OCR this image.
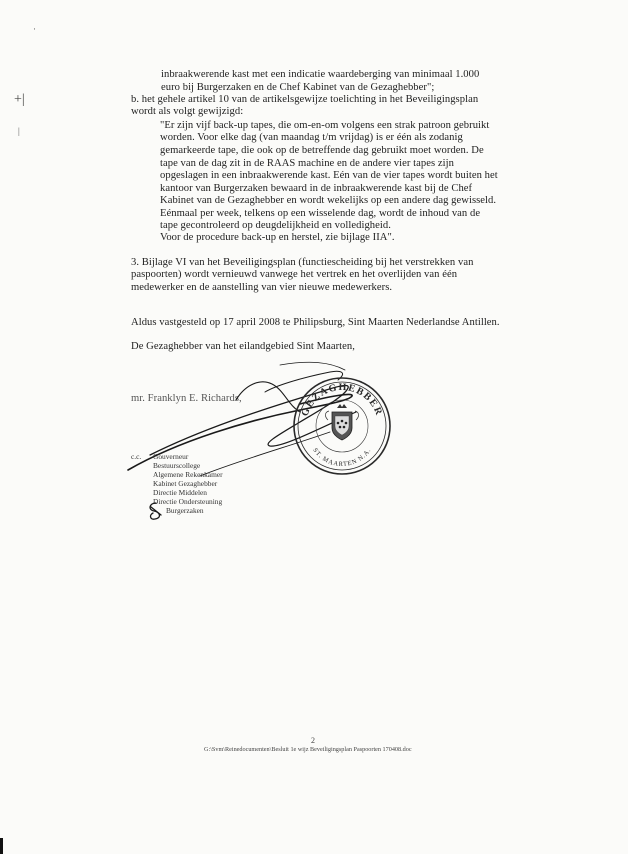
·
+|
|
inbraakwerende kast met een indicatie waardeberging van minimaal 1.000
euro bij Burgerzaken en de Chef Kabinet van de Gezaghebber";
b. het gehele artikel 10 van de artikelsgewijze toelichting in het Beveiligingsplan
wordt als volgt gewijzigd:
"Er zijn vijf back-up tapes, die om-en-om volgens een strak patroon gebruikt
worden. Voor elke dag (van maandag t/m vrijdag) is er één als zodanig
gemarkeerde tape, die ook op de betreffende dag gebruikt moet worden. De
tape van de dag zit in de RAAS machine en de andere vier tapes zijn
opgeslagen in een inbraakwerende kast. Eén van de vier tapes wordt buiten het
kantoor van Burgerzaken bewaard in de inbraakwerende kast bij de Chef
Kabinet van de Gezaghebber en wordt wekelijks op een andere dag gewisseld.
Eénmaal per week, telkens op een wisselende dag, wordt de inhoud van de
tape gecontroleerd op deugdelijkheid en volledigheid.
Voor de procedure back-up en herstel, zie bijlage IIA".
3. Bijlage VI van het Beveiligingsplan (functiescheiding bij het verstrekken van
paspoorten) wordt vernieuwd vanwege het vertrek en het overlijden van één
medewerker en de aanstelling van vier nieuwe medewerkers.
Aldus vastgesteld op 17 april 2008 te Philipsburg, Sint Maarten Nederlandse Antillen.
De Gezaghebber van het eilandgebied Sint Maarten,
mr. Franklyn E. Richards,
GEZAGHEBBER
ST. MAARTEN N.A.
c.c. Gouverneur
Bestuurscollege
Algemene Rekenkamer
Kabinet Gezaghebber
Directie Middelen
Directie Ondersteuning
Burgerzaken
2
G:\Svm\Reinedocumenten\Besluit 1e wijz Beveiligingsplan Paspoorten 170408.doc
